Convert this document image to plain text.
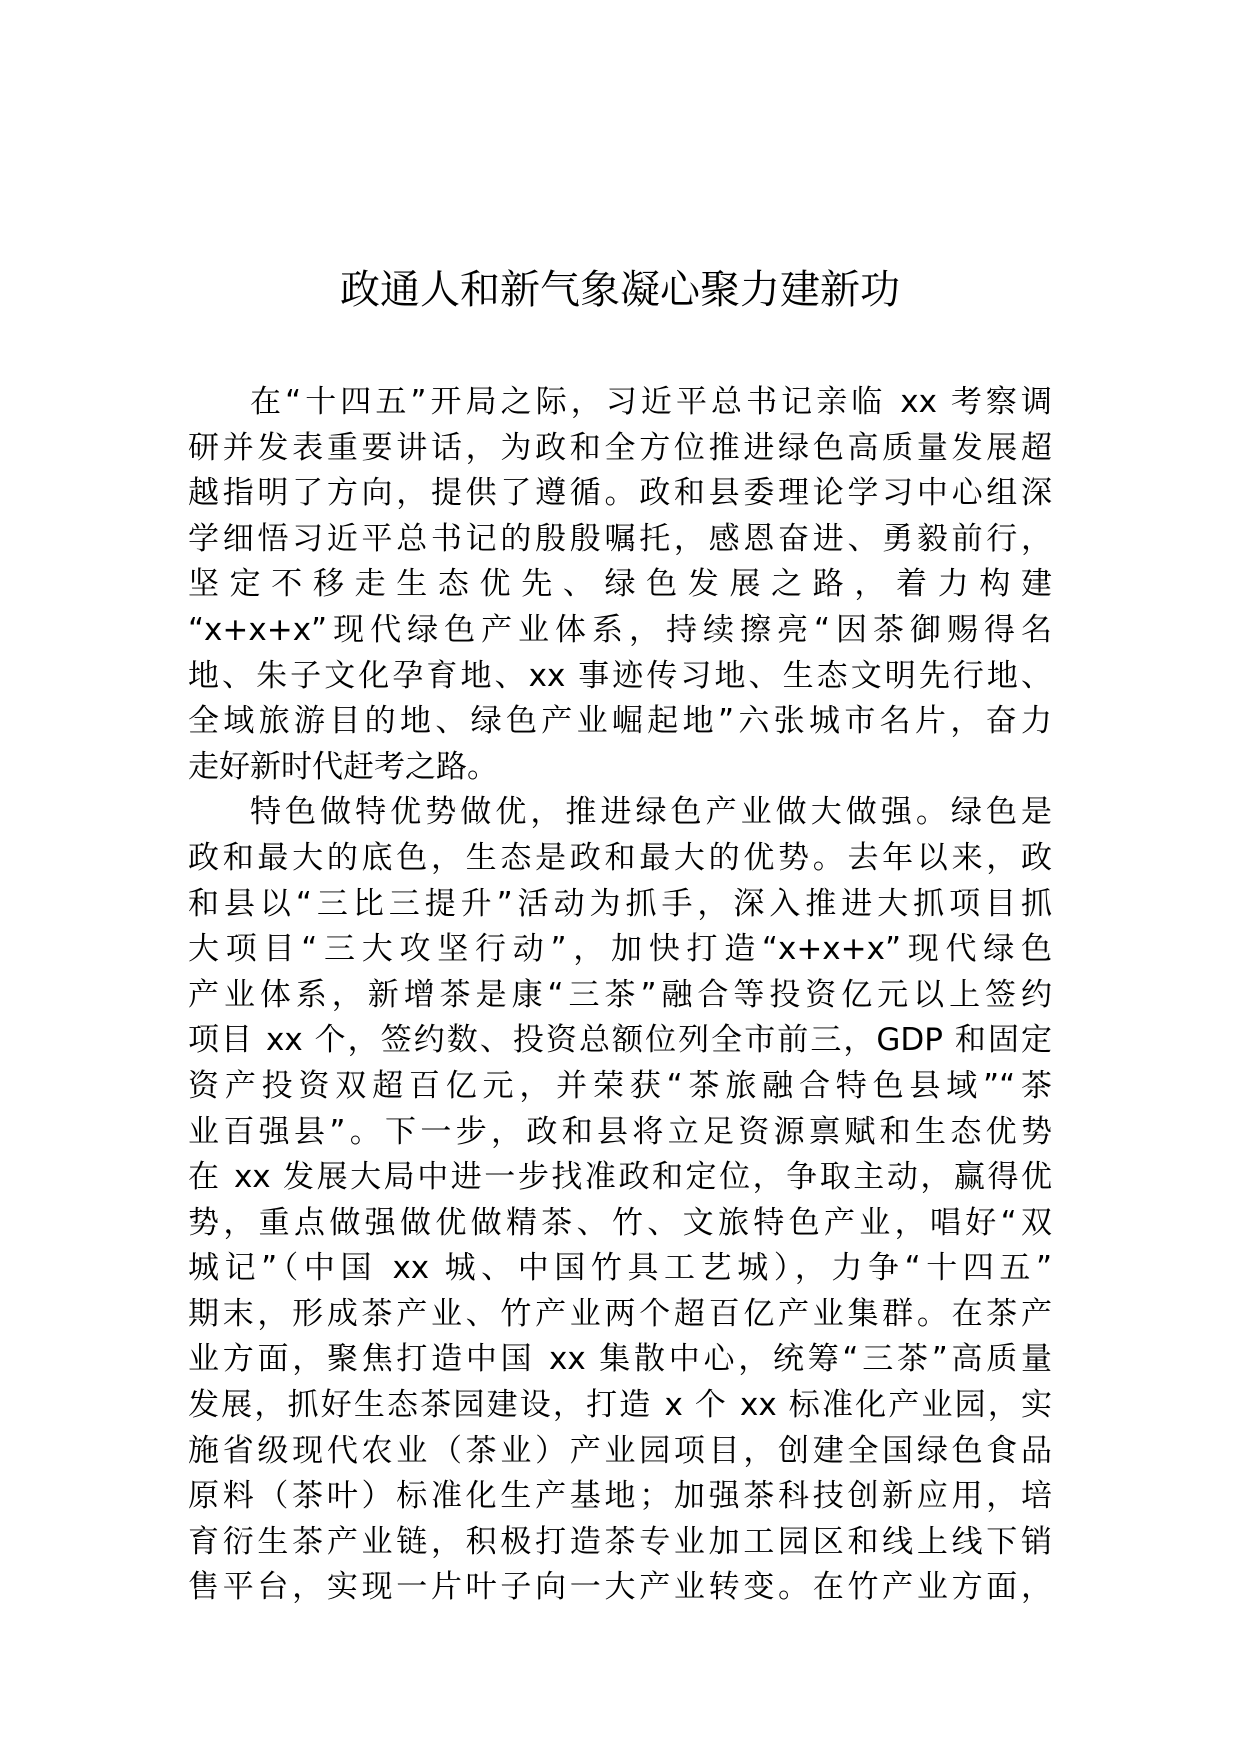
政通人和新气象凝心聚力建新功
在“十四五”开局之际，习近平总书记亲临 xx 考察调
研并发表重要讲话，为政和全方位推进绿色高质量发展超
越指明了方向，提供了遵循。政和县委理论学习中心组深
学细悟习近平总书记的殷殷嘱托，感恩奋进、勇毅前行，
坚定不移走生态优先、绿色发展之路，着力构建
“x+x+x”现代绿色产业体系，持续擦亮“因茶御赐得名
地、朱子文化孕育地、xx 事迹传习地、生态文明先行地、
全域旅游目的地、绿色产业崛起地”六张城市名片，奋力
走好新时代赶考之路。
特色做特优势做优，推进绿色产业做大做强。绿色是
政和最大的底色，生态是政和最大的优势。去年以来，政
和县以“三比三提升”活动为抓手，深入推进大抓项目抓
大项目“三大攻坚行动”，加快打造“x+x+x”现代绿色
产业体系，新增茶是康“三茶”融合等投资亿元以上签约
项目 xx 个，签约数、投资总额位列全市前三，GDP 和固定
资产投资双超百亿元，并荣获“茶旅融合特色县域”“茶
业百强县”。下一步，政和县将立足资源禀赋和生态优势
在 xx 发展大局中进一步找准政和定位，争取主动，赢得优
势，重点做强做优做精茶、竹、文旅特色产业，唱好“双
城记”（中国 xx 城、中国竹具工艺城），力争“十四五”
期末，形成茶产业、竹产业两个超百亿产业集群。在茶产
业方面，聚焦打造中国 xx 集散中心，统筹“三茶”高质量
发展，抓好生态茶园建设，打造 x 个 xx 标准化产业园，实
施省级现代农业（茶业）产业园项目，创建全国绿色食品
原料（茶叶）标准化生产基地；加强茶科技创新应用，培
育衍生茶产业链，积极打造茶专业加工园区和线上线下销
售平台，实现一片叶子向一大产业转变。在竹产业方面，
